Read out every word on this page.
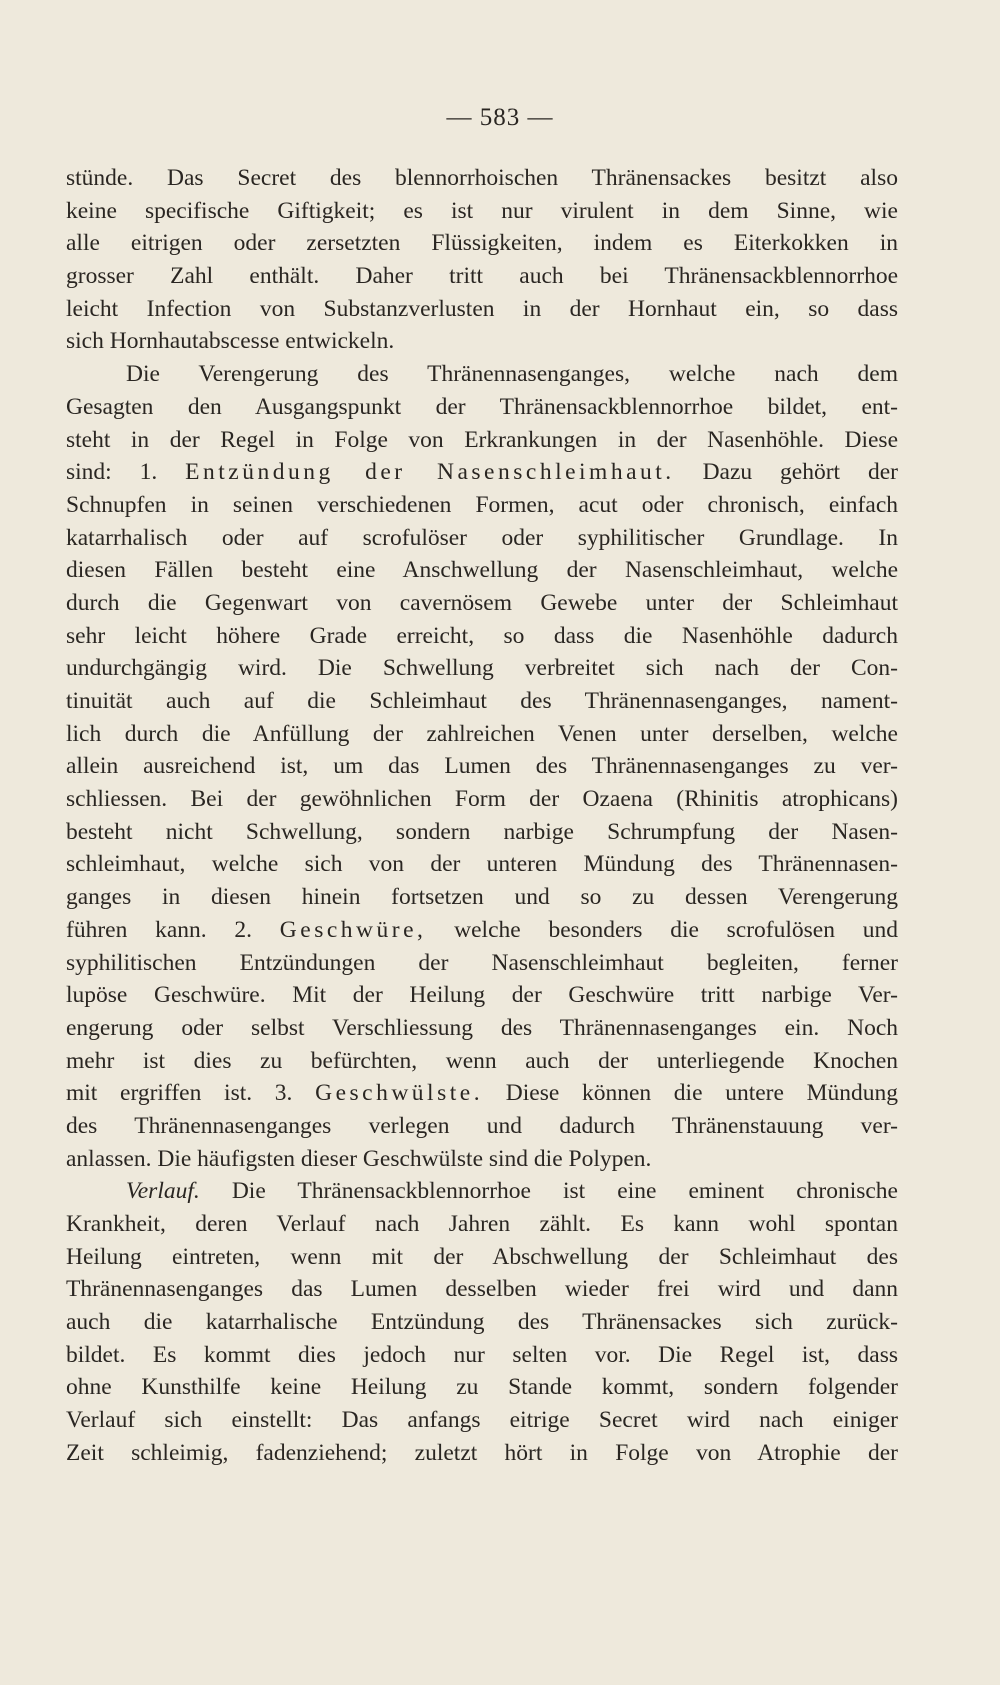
— 583 —
stünde. Das Secret des blennorrhoischen Thränensackes besitzt also
keine specifische Giftigkeit; es ist nur virulent in dem Sinne, wie
alle eitrigen oder zersetzten Flüssigkeiten, indem es Eiterkokken in
grosser Zahl enthält. Daher tritt auch bei Thränensackblennorrhoe
leicht Infection von Substanzverlusten in der Hornhaut ein, so dass
sich Hornhautabscesse entwickeln.
Die Verengerung des Thränennasenganges, welche nach dem
Gesagten den Ausgangspunkt der Thränensackblennorrhoe bildet, ent-
steht in der Regel in Folge von Erkrankungen in der Nasenhöhle. Diese
sind: 1. Entzündung der Nasenschleimhaut. Dazu gehört der
Schnupfen in seinen verschiedenen Formen, acut oder chronisch, einfach
katarrhalisch oder auf scrofulöser oder syphilitischer Grundlage. In
diesen Fällen besteht eine Anschwellung der Nasenschleimhaut, welche
durch die Gegenwart von cavernösem Gewebe unter der Schleimhaut
sehr leicht höhere Grade erreicht, so dass die Nasenhöhle dadurch
undurchgängig wird. Die Schwellung verbreitet sich nach der Con-
tinuität auch auf die Schleimhaut des Thränennasenganges, nament-
lich durch die Anfüllung der zahlreichen Venen unter derselben, welche
allein ausreichend ist, um das Lumen des Thränennasenganges zu ver-
schliessen. Bei der gewöhnlichen Form der Ozaena (Rhinitis atrophicans)
besteht nicht Schwellung, sondern narbige Schrumpfung der Nasen-
schleimhaut, welche sich von der unteren Mündung des Thränennasen-
ganges in diesen hinein fortsetzen und so zu dessen Verengerung
führen kann. 2. Geschwüre, welche besonders die scrofulösen und
syphilitischen Entzündungen der Nasenschleimhaut begleiten, ferner
lupöse Geschwüre. Mit der Heilung der Geschwüre tritt narbige Ver-
engerung oder selbst Verschliessung des Thränennasenganges ein. Noch
mehr ist dies zu befürchten, wenn auch der unterliegende Knochen
mit ergriffen ist. 3. Geschwülste. Diese können die untere Mündung
des Thränennasenganges verlegen und dadurch Thränenstauung ver-
anlassen. Die häufigsten dieser Geschwülste sind die Polypen.
Verlauf. Die Thränensackblennorrhoe ist eine eminent chronische
Krankheit, deren Verlauf nach Jahren zählt. Es kann wohl spontan
Heilung eintreten, wenn mit der Abschwellung der Schleimhaut des
Thränennasenganges das Lumen desselben wieder frei wird und dann
auch die katarrhalische Entzündung des Thränensackes sich zurück-
bildet. Es kommt dies jedoch nur selten vor. Die Regel ist, dass
ohne Kunsthilfe keine Heilung zu Stande kommt, sondern folgender
Verlauf sich einstellt: Das anfangs eitrige Secret wird nach einiger
Zeit schleimig, fadenziehend; zuletzt hört in Folge von Atrophie der
